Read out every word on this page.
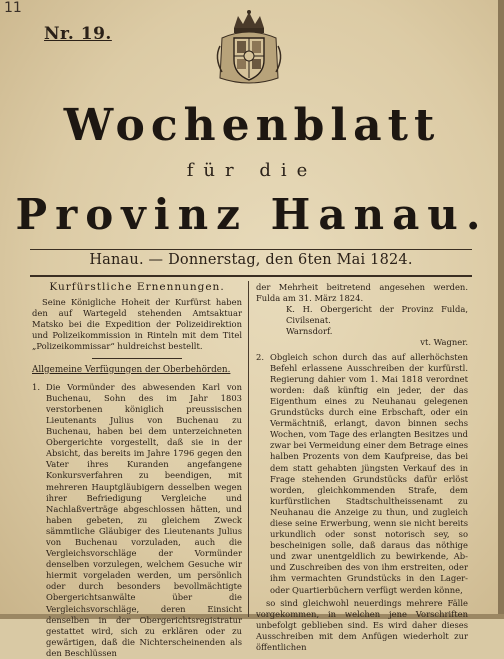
11
Nr. 19.
Wochenblatt
für die
Provinz Hanau.
Hanau. — Donnerstag, den 6ten Mai 1824.
Kurfürstliche Ernennungen.

Seine Königliche Hoheit der Kurfürst haben den auf Wartegeld stehenden Amtsaktuar Matsko bei die Expedition der Polizeidirektion und Polizeikommission in Rinteln mit dem Titel „Polizeikommissar“ huldreichst bestellt.

Allgemeine Verfügungen der Oberbehörden.
1. Die Vormünder des abwesenden Karl von Buchenau, Sohn des im Jahr 1803 verstorbenen königlich preussischen Lieutenants Julius von Buchenau zu Buchenau, haben bei dem unterzeichneten Obergerichte vorgestellt, daß sie in der Absicht, das bereits im Jahre 1796 gegen den Vater ihres Kuranden angefangene Konkursverfahren zu beendigen, mit mehreren Hauptgläubigern desselben wegen ihrer Befriedigung Vergleiche und Nachlaßverträge abgeschlossen hätten, und haben gebeten, zu gleichem Zweck sämmtliche Gläubiger des Lieutenants Julius von Buchenau vorzuladen, auch die Vergleichsvorschläge der Vormünder denselben vorzulegen, welchem Gesuche wir hiermit vorgeladen werden, um persönlich oder durch besonders bevollmächtigte Obergerichtsanwälte über die Vergleichsvorschläge, deren Einsicht denselben in der Obergerichtsregistratur gestattet wird, sich zu erklären oder zu gewärtigen, daß die Nichterscheinenden als den Beschlüssen

der Mehrheit beitretend angesehen werden. Fulda am 31. März 1824.

K. H. Obergericht der Provinz Fulda, Civilsenat.

Warnsdorf.

vt. Wagner.

2. Obgleich schon durch das auf allerhöchsten Befehl erlassene Ausschreiben der kurfürstl. Regierung dahier vom 1. Mai 1818 verordnet worden: daß künftig ein jeder, der das Eigenthum eines zu Neuhanau gelegenen Grundstücks durch eine Erbschaft, oder ein Vermächtniß, erlangt, davon binnen sechs Wochen, vom Tage des erlangten Besitzes und zwar bei Vermeidung einer dem Betrage eines halben Prozents von dem Kaufpreise, das bei dem statt gehabten jüngsten Verkauf des in Frage stehenden Grundstücks dafür erlöst worden, gleichkommenden Strafe, dem kurfürstlichen Stadtschultheissenamt zu Neuhanau die Anzeige zu thun, und zugleich diese seine Erwerbung, wenn sie nicht bereits urkundlich oder sonst notorisch sey, so bescheinigen solle, daß daraus das nöthige und zwar unentgeldlich zu bewirkende, Ab- und Zuschreiben des von ihm erstreiten, oder ihm vermachten Grundstücks in den Lager- oder Quartierbüchern verfügt werden könne,

so sind gleichwohl neuerdings mehrere Fälle vorgekommen, in welchen jene Vorschriften unbefolgt geblieben sind. Es wird daher dieses Ausschreiben mit dem Anfügen wiederholt zur öffentlichen
